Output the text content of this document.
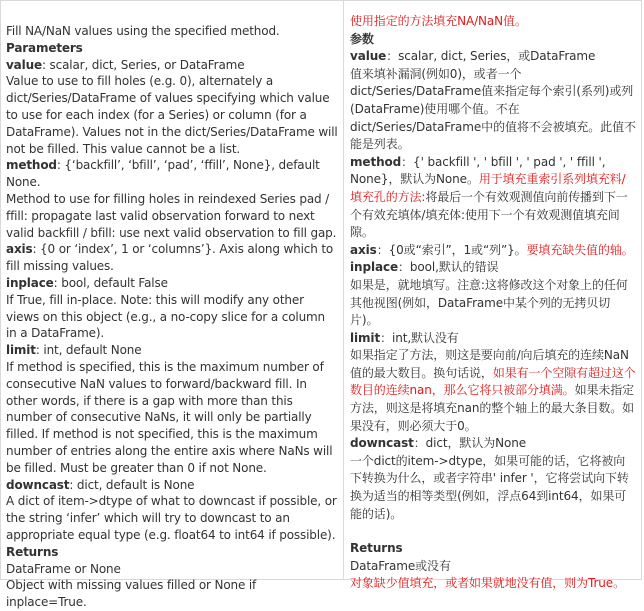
Fill NA/NaN values using the specified method.
Parameters
value: scalar, dict, Series, or DataFrame
Value to use to fill holes (e.g. 0), alternately a dict/Series/DataFrame of values specifying which value to use for each index (for a Series) or column (for a DataFrame). Values not in the dict/Series/DataFrame will not be filled. This value cannot be a list.
method: {‘backfill’, ‘bfill’, ‘pad’, ‘ffill’, None}, default None.
Method to use for filling holes in reindexed Series pad / ffill: propagate last valid observation forward to next valid backfill / bfill: use next valid observation to fill gap.
axis: {0 or ‘index’, 1 or ‘columns’}. Axis along which to fill missing values.
inplace: bool, default False
If True, fill in-place. Note: this will modify any other views on this object (e.g., a no-copy slice for a column in a DataFrame).
limit: int, default None
If method is specified, this is the maximum number of consecutive NaN values to forward/backward fill. In other words, if there is a gap with more than this number of consecutive NaNs, it will only be partially filled. If method is not specified, this is the maximum number of entries along the entire axis where NaNs will be filled. Must be greater than 0 if not None.
downcast: dict, default is None
A dict of item->dtype of what to downcast if possible, or the string ‘infer’ which will try to downcast to an appropriate equal type (e.g. float64 to int64 if possible).
Returns
DataFrame or None
Object with missing values filled or None if inplace=True.
使用指定的方法填充NA/NaN值。
参数
value：scalar, dict, Series，或DataFrame
值来填补漏洞(例如0)，或者一个dict/Series/DataFrame值来指定每个索引(系列)或列(DataFrame)使用哪个值。不在dict/Series/DataFrame中的值将不会被填充。此值不能是列表。
method：{' backfill ', ' bfill ', ' pad ', ' ffill ', None}，默认为None。用于填充重索引系列填充料/填充孔的方法:将最后一个有效观测值向前传播到下一个有效充填体/填充体:使用下一个有效观测值填充间隙。
axis：{0或“索引”，1或“列”}。要填充缺失值的轴。
inplace：bool,默认的错误
如果是，就地填写。注意:这将修改这个对象上的任何其他视图(例如，DataFrame中某个列的无拷贝切片)。
limit：int,默认没有
如果指定了方法，则这是要向前/向后填充的连续NaN值的最大数目。换句话说，如果有一个空隙有超过这个数目的连续nan，那么它将只被部分填满。如果未指定方法，则这是将填充nan的整个轴上的最大条目数。如果没有，则必须大于0。
downcast：dict，默认为None
一个dict的item->dtype，如果可能的话，它将被向下转换为什么，或者字符串' infer '，它将尝试向下转换为适当的相等类型(例如，浮点64到int64，如果可能的话)。
Returns
DataFrame或没有
对象缺少值填充，或者如果就地没有值，则为True。
